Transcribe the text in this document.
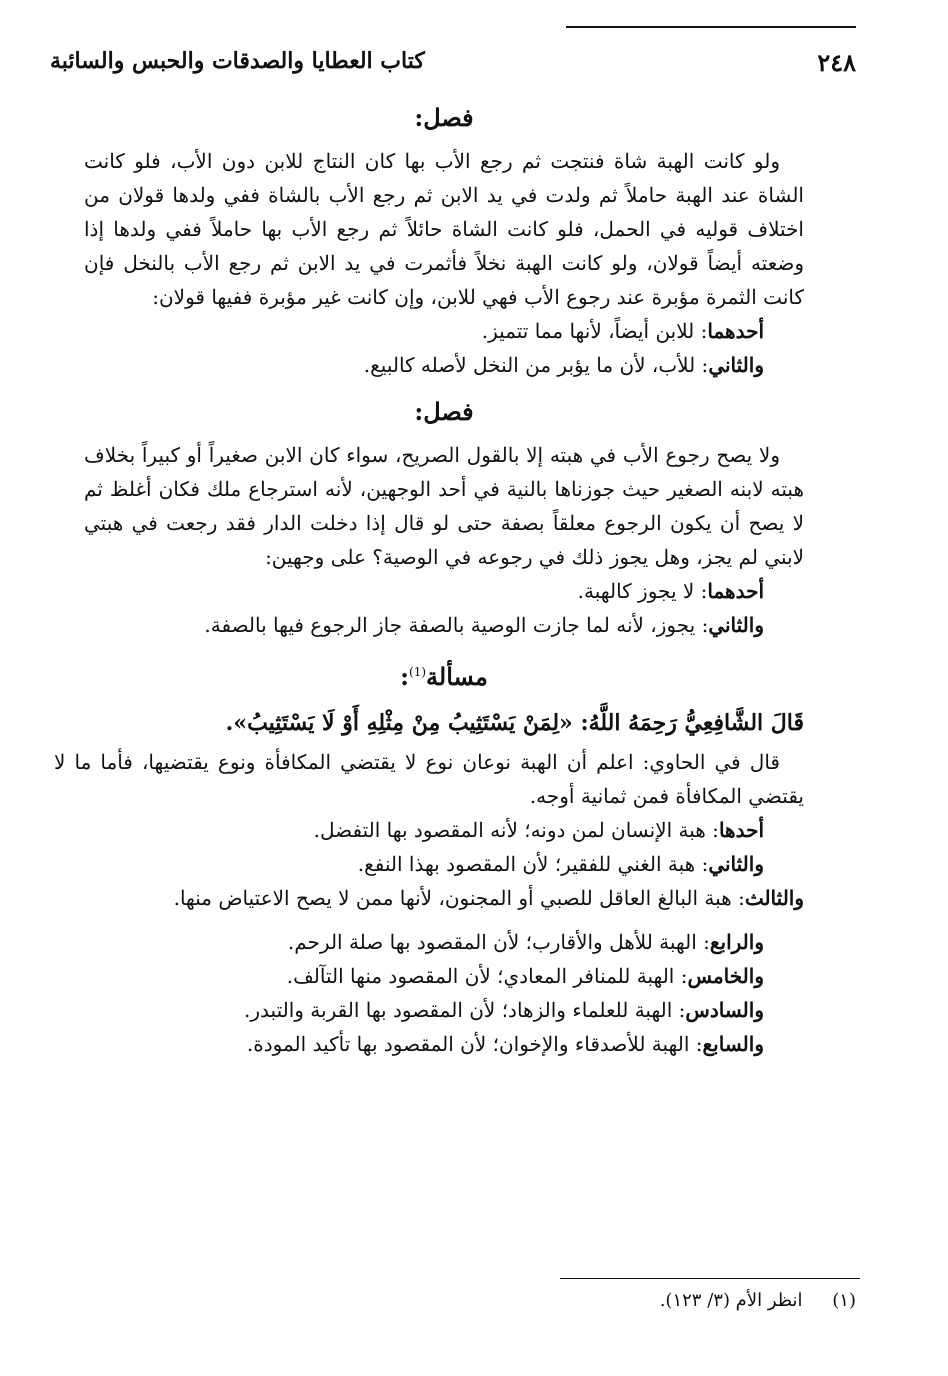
٢٤٨
كتاب العطايا والصدقات والحبس والسائبة
فصل:

ولو كانت الهبة شاة فنتجت ثم رجع الأب بها كان النتاج للابن دون الأب، فلو كانت الشاة عند الهبة حاملاً ثم ولدت في يد الابن ثم رجع الأب بالشاة ففي ولدها قولان من اختلاف قوليه في الحمل، فلو كانت الشاة حائلاً ثم رجع الأب بها حاملاً ففي ولدها إذا وضعته أيضاً قولان، ولو كانت الهبة نخلاً فأثمرت في يد الابن ثم رجع الأب بالنخل فإن كانت الثمرة مؤبرة عند رجوع الأب فهي للابن، وإن كانت غير مؤبرة ففيها قولان:

أحدهما: للابن أيضاً، لأنها مما تتميز.

والثاني: للأب، لأن ما يؤبر من النخل لأصله كالبيع.

فصل:

ولا يصح رجوع الأب في هبته إلا بالقول الصريح، سواء كان الابن صغيراً أو كبيراً بخلاف هبته لابنه الصغير حيث جوزناها بالنية في أحد الوجهين، لأنه استرجاع ملك فكان أغلظ ثم لا يصح أن يكون الرجوع معلقاً بصفة حتى لو قال إذا دخلت الدار فقد رجعت في هبتي لابني لم يجز، وهل يجوز ذلك في رجوعه في الوصية؟ على وجهين:

أحدهما: لا يجوز كالهبة.

والثاني: يجوز، لأنه لما جازت الوصية بالصفة جاز الرجوع فيها بالصفة.

مسألة$^{(1)}$:

قَالَ الشَّافِعِيُّ رَحِمَهُ اللَّهُ: «لِمَنْ يَسْتَثِيبُ مِنْ مِثْلِهِ أَوْ لَا يَسْتَثِيبُ».

قال في الحاوي: اعلم أن الهبة نوعان نوع لا يقتضي المكافأة ونوع يقتضيها، فأما ما لا يقتضي المكافأة فمن ثمانية أوجه.

أحدها: هبة الإنسان لمن دونه؛ لأنه المقصود بها التفضل.

والثاني: هبة الغني للفقير؛ لأن المقصود بهذا النفع.

والثالث: هبة البالغ العاقل للصبي أو المجنون، لأنها ممن لا يصح الاعتياض منها.

والرابع: الهبة للأهل والأقارب؛ لأن المقصود بها صلة الرحم.

والخامس: الهبة للمنافر المعادي؛ لأن المقصود منها التآلف.

والسادس: الهبة للعلماء والزهاد؛ لأن المقصود بها القربة والتبدر.

والسابع: الهبة للأصدقاء والإخوان؛ لأن المقصود بها تأكيد المودة.

(١) انظر الأم (٣/ ١٢٣).
